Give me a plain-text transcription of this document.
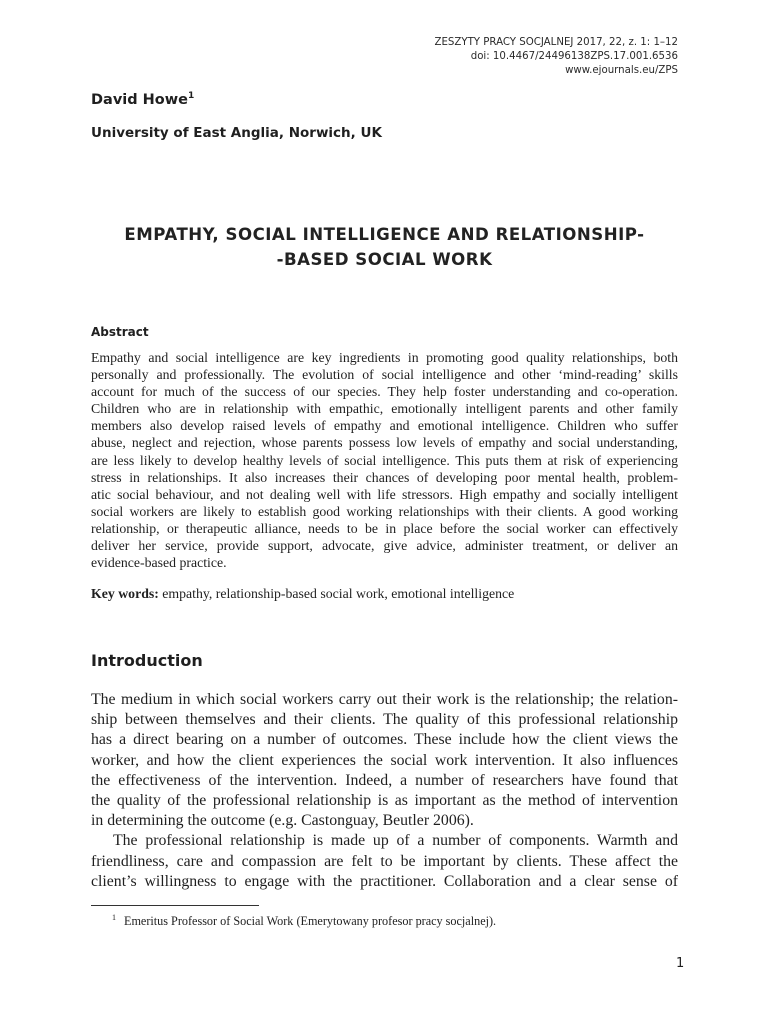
ZESZYTY PRACY SOCJALNEJ 2017, 22, z. 1: 1–12
doi: 10.4467/24496138ZPS.17.001.6536
www.ejournals.eu/ZPS
David Howe$^1$
University of East Anglia, Norwich, UK
EMPATHY, SOCIAL INTELLIGENCE AND RELATIONSHIP-
-BASED SOCIAL WORK
Abstract
Empathy and social intelligence are key ingredients in promoting good quality relationships, both
personally and professionally. The evolution of social intelligence and other ‘mind-reading’ skills
account for much of the success of our species. They help foster understanding and co-operation.
Children who are in relationship with empathic, emotionally intelligent parents and other family
members also develop raised levels of empathy and emotional intelligence. Children who suffer
abuse, neglect and rejection, whose parents possess low levels of empathy and social understanding,
are less likely to develop healthy levels of social intelligence. This puts them at risk of experiencing
stress in relationships. It also increases their chances of developing poor mental health, problem-
atic social behaviour, and not dealing well with life stressors. High empathy and socially intelligent
social workers are likely to establish good working relationships with their clients. A good working
relationship, or therapeutic alliance, needs to be in place before the social worker can effectively
deliver her service, provide support, advocate, give advice, administer treatment, or deliver an
evidence-based practice.
Key words: empathy, relationship-based social work, emotional intelligence
Introduction
The medium in which social workers carry out their work is the relationship; the relation-
ship between themselves and their clients. The quality of this professional relationship
has a direct bearing on a number of outcomes. These include how the client views the
worker, and how the client experiences the social work intervention. It also influences
the effectiveness of the intervention. Indeed, a number of researchers have found that
the quality of the professional relationship is as important as the method of intervention
in determining the outcome (e.g. Castonguay, Beutler 2006).
The professional relationship is made up of a number of components. Warmth and
friendliness, care and compassion are felt to be important by clients. These affect the
client’s willingness to engage with the practitioner. Collaboration and a clear sense of
$^1$ Emeritus Professor of Social Work (Emerytowany profesor pracy socjalnej).
1
